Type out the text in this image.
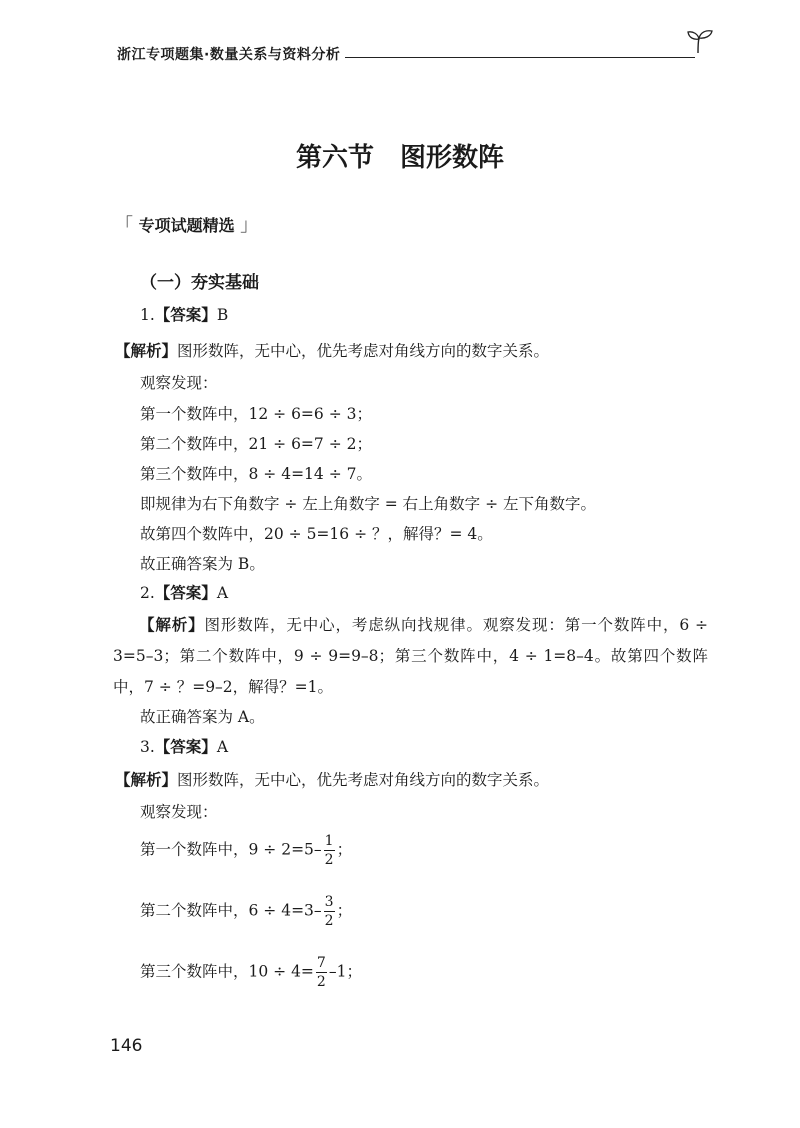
浙江专项题集·数量关系与资料分析
第六节　图形数阵
「 专项试题精选 」
（一）夯实基础
1.【答案】B
【解析】图形数阵，无中心，优先考虑对角线方向的数字关系。
观察发现：
第一个数阵中，12 ÷ 6=6 ÷ 3；
第二个数阵中，21 ÷ 6=7 ÷ 2；
第三个数阵中，8 ÷ 4=14 ÷ 7。
即规律为右下角数字 ÷ 左上角数字 = 右上角数字 ÷ 左下角数字。
故第四个数阵中，20 ÷ 5=16 ÷ ？，解得？= 4。
故正确答案为 B。
2.【答案】A
【解析】图形数阵，无中心，考虑纵向找规律。观察发现：第一个数阵中，6 ÷ 3=5–3；第二个数阵中，9 ÷ 9=9–8；第三个数阵中，4 ÷ 1=8–4。故第四个数阵中，7 ÷ ？=9–2，解得？=1。
故正确答案为 A。
3.【答案】A
【解析】图形数阵，无中心，优先考虑对角线方向的数字关系。
观察发现：
第一个数阵中，$9 \div 2=5- \frac{1}{2}$ ；
第二个数阵中，$6 \div 4=3- \frac{3}{2}$ ；
第三个数阵中，$10 \div 4= \frac{7}{2} -1$；
146
